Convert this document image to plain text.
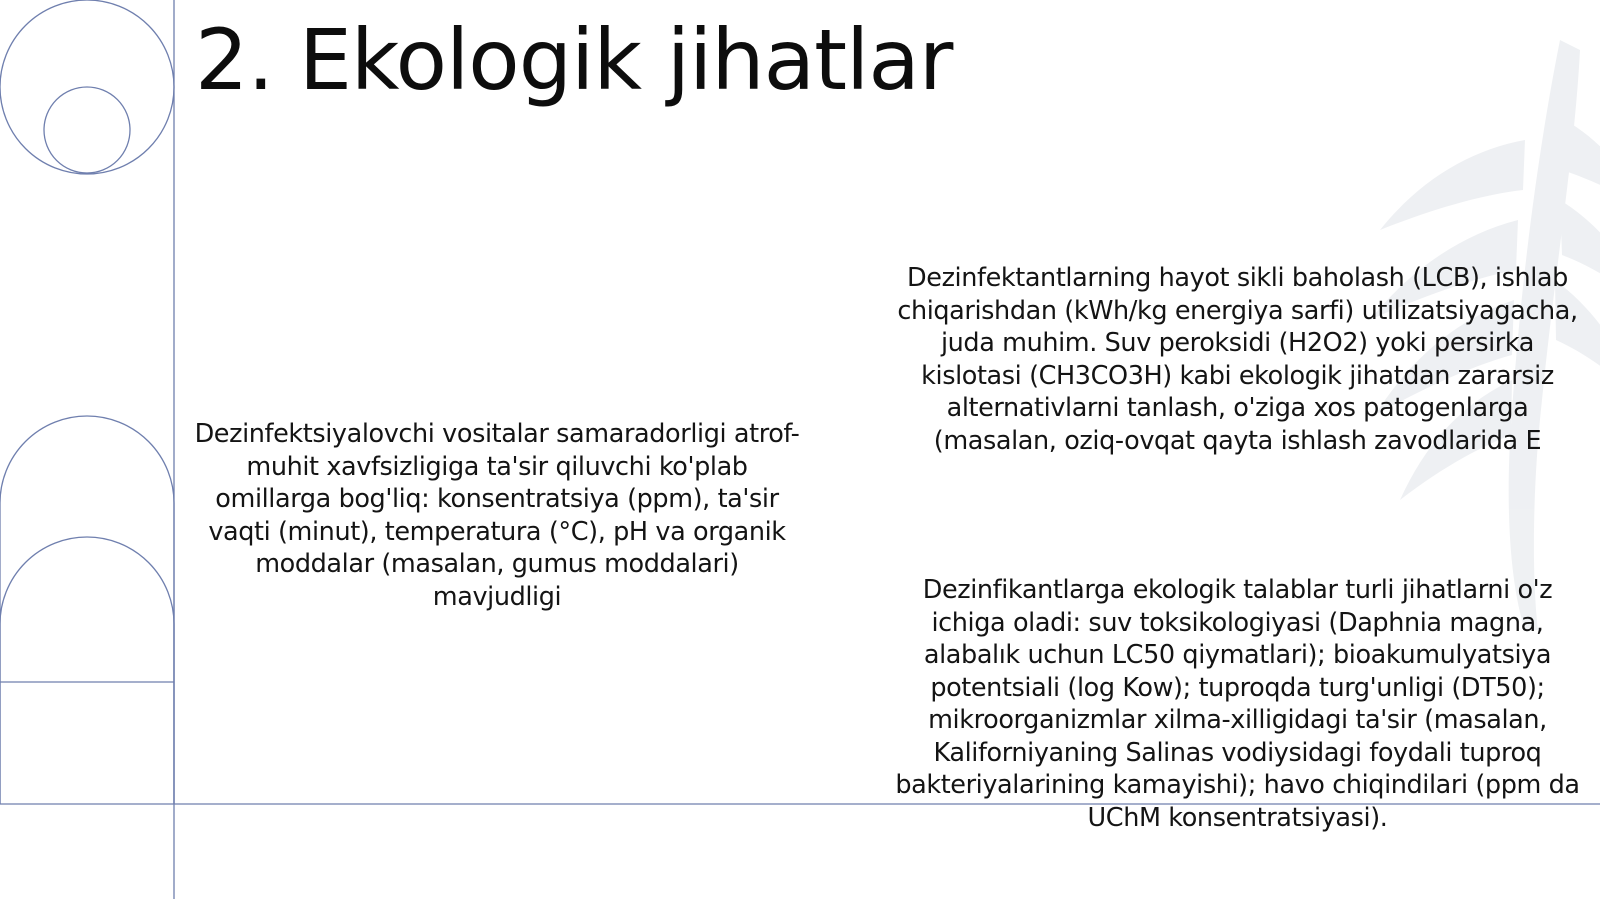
2. Ekologik jihatlar

Dezinfektsiyalovchi vositalar samaradorligi atrof-muhit xavfsizligiga ta'sir qiluvchi ko'plab omillarga bog'liq: konsentratsiya (ppm), ta'sir vaqti (minut), temperatura (°C), pH va organik moddalar (masalan, gumus moddalari) mavjudligi

Dezinfektantlarning hayot sikli baholash (LCB), ishlab chiqarishdan (kWh/kg energiya sarfi) utilizatsiyagacha, juda muhim. Suv peroksidi (H2O2) yoki persirka kislotasi (CH3CO3H) kabi ekologik jihatdan zararsiz alternativlarni tanlash, o'ziga xos patogenlarga (masalan, oziq-ovqat qayta ishlash zavodlarida E

Dezinfikantlarga ekologik talablar turli jihatlarni o'z ichiga oladi: suv toksikologiyasi (Daphnia magna, alabalık uchun LC50 qiymatlari); bioakumulyatsiya potentsiali (log Kow); tuproqda turg'unligi (DT50); mikroorganizmlar xilma-xilligidagi ta'sir (masalan, Kaliforniyaning Salinas vodiysidagi foydali tuproq bakteriyalarining kamayishi); havo chiqindilari (ppm da UChM konsentratsiyasi).
